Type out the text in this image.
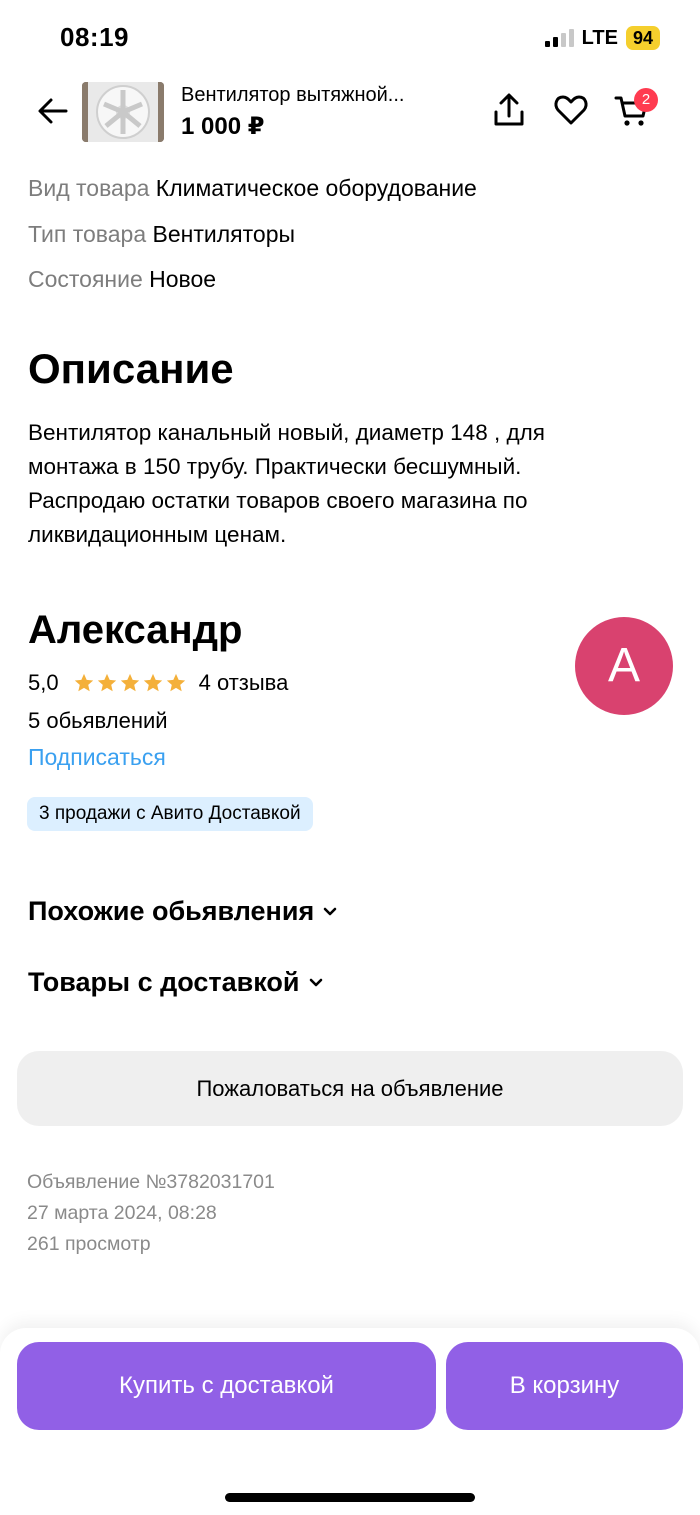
08:19	LTE 94
Вентилятор вытяжной...
1 000 ₽
2
Вид товара Климатическое оборудование
Тип товара Вентиляторы
Состояние Новое
Описание
Вентилятор канальный новый, диаметр 148 , для
монтажа в 150 трубу. Практически бесшумный.
Распродаю остатки товаров своего магазина по
ликвидационным ценам.
Александр
5,0	4 отзыва
5 обьявлений
Подписаться
А
3 продажи с Авито Доставкой
Похожие обьявления
Товары с доставкой
Пожаловаться на объявление
Объявление №3782031701
27 марта 2024, 08:28
261 просмотр
Купить с доставкой	В корзину
